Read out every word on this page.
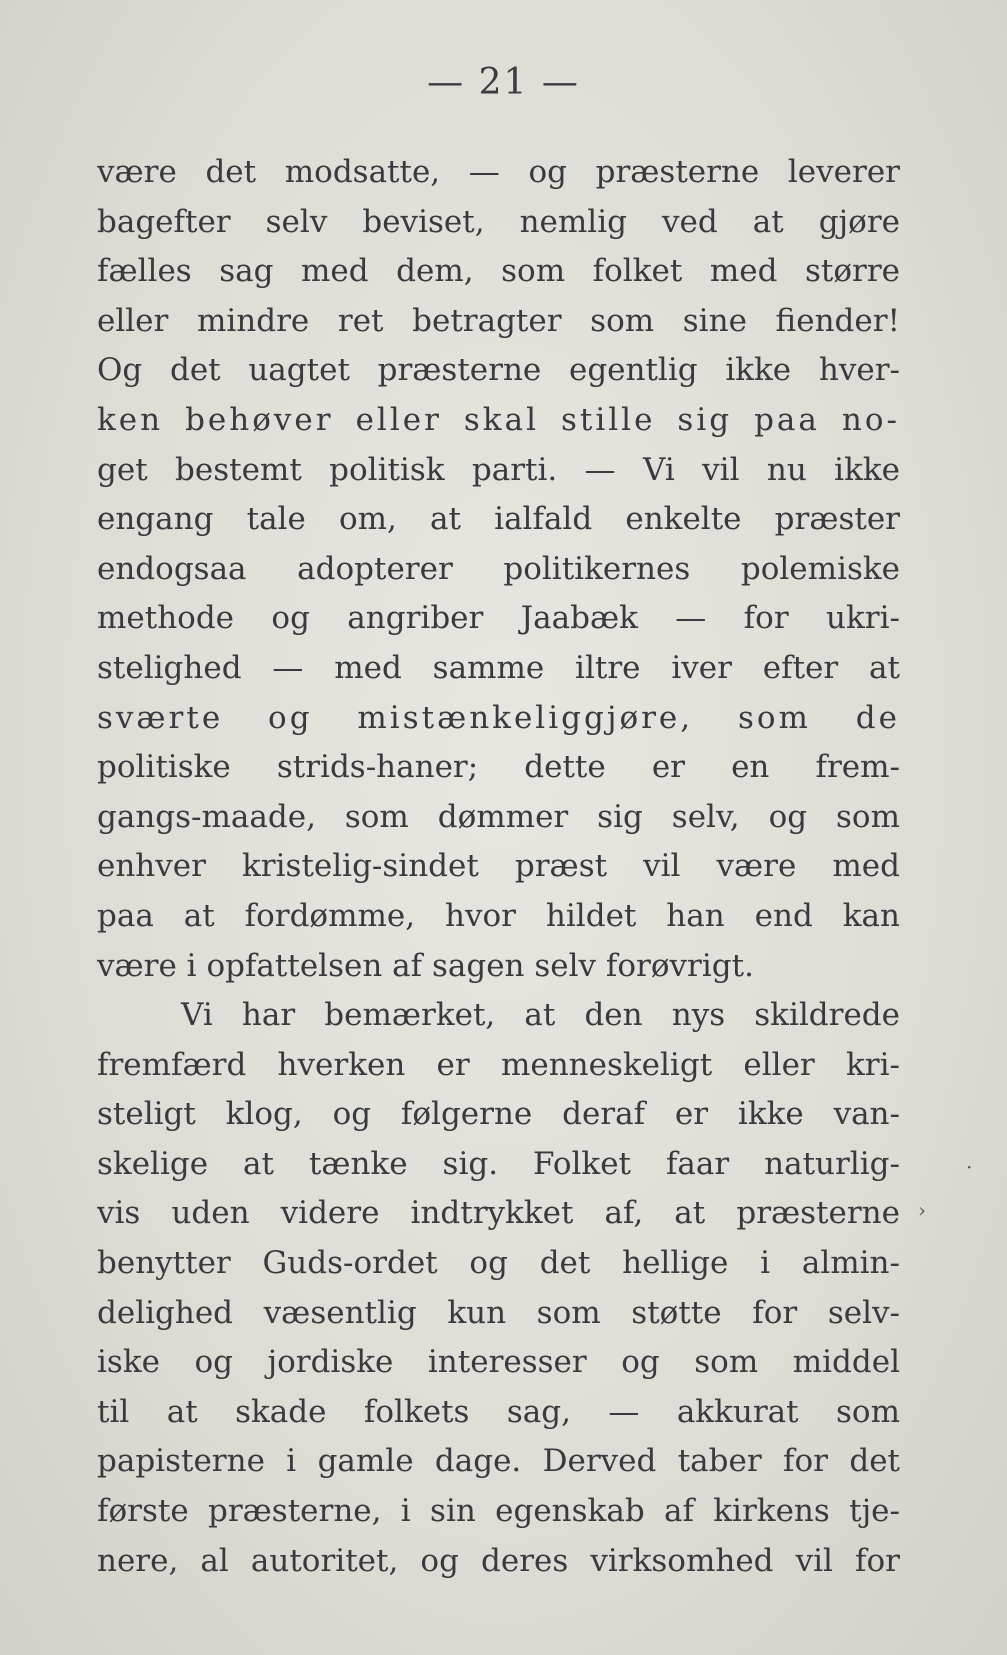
— 21 —
være det modsatte, — og præsterne leverer
bagefter selv beviset, nemlig ved at gjøre
fælles sag med dem, som folket med større
eller mindre ret betragter som sine fiender!
Og det uagtet præsterne egentlig ikke hver-
ken behøver eller skal stille sig paa no-
get bestemt politisk parti. — Vi vil nu ikke
engang tale om, at ialfald enkelte præster
endogsaa adopterer politikernes polemiske
methode og angriber Jaabæk — for ukri-
stelighed — med samme iltre iver efter at
sværte og mistænkeliggjøre, som de
politiske strids-haner; dette er en frem-
gangs-maade, som dømmer sig selv, og som
enhver kristelig-sindet præst vil være med
paa at fordømme, hvor hildet han end kan
være i opfattelsen af sagen selv forøvrigt.
Vi har bemærket, at den nys skildrede
fremfærd hverken er menneskeligt eller kri-
steligt klog, og følgerne deraf er ikke van-
skelige at tænke sig. Folket faar naturlig-
vis uden videre indtrykket af, at præsterne
benytter Guds-ordet og det hellige i almin-
delighed væsentlig kun som støtte for selv-
iske og jordiske interesser og som middel
til at skade folkets sag, — akkurat som
papisterne i gamle dage. Derved taber for det
første præsterne, i sin egenskab af kirkens tje-
nere, al autoritet, og deres virksomhed vil for
·
›
